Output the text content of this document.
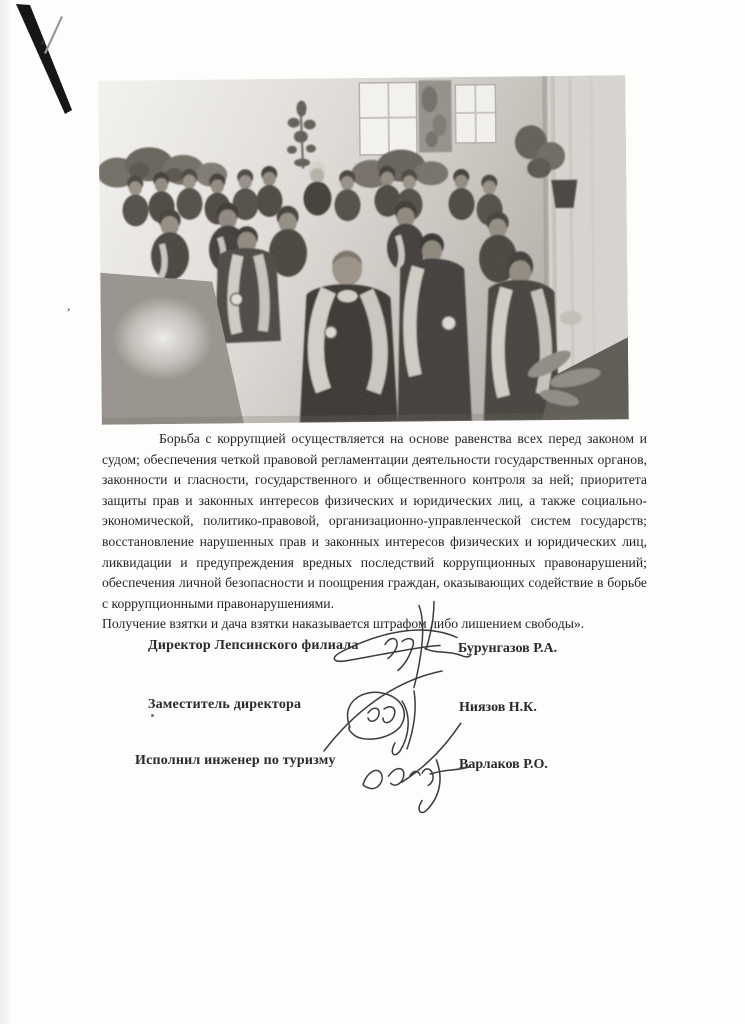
ʼ

Борьба с коррупцией осуществляется на основе равенства всех перед законом и судом; обеспечения четкой правовой регламентации деятельности государственных органов, законности и гласности, государственного и общественного контроля за ней; приоритета защиты прав и законных интересов физических и юридических лиц, а также социально-экономической, политико-правовой, организационно-управленческой систем государств; восстановление нарушенных прав и законных интересов физических и юридических лиц, ликвидации и предупреждения вредных последствий коррупционных правонарушений; обеспечения личной безопасности и поощрения граждан, оказывающих содействие в борьбе с коррупционными правонарушениями.

Получение взятки и дача взятки наказывается штрафом либо лишением свободы».

Директор Лепсинского филиала	Бурунгазов Р.А.
Заместитель директора	Ниязов Н.К.
Исполнил инженер по туризму	Варлаков Р.О.
